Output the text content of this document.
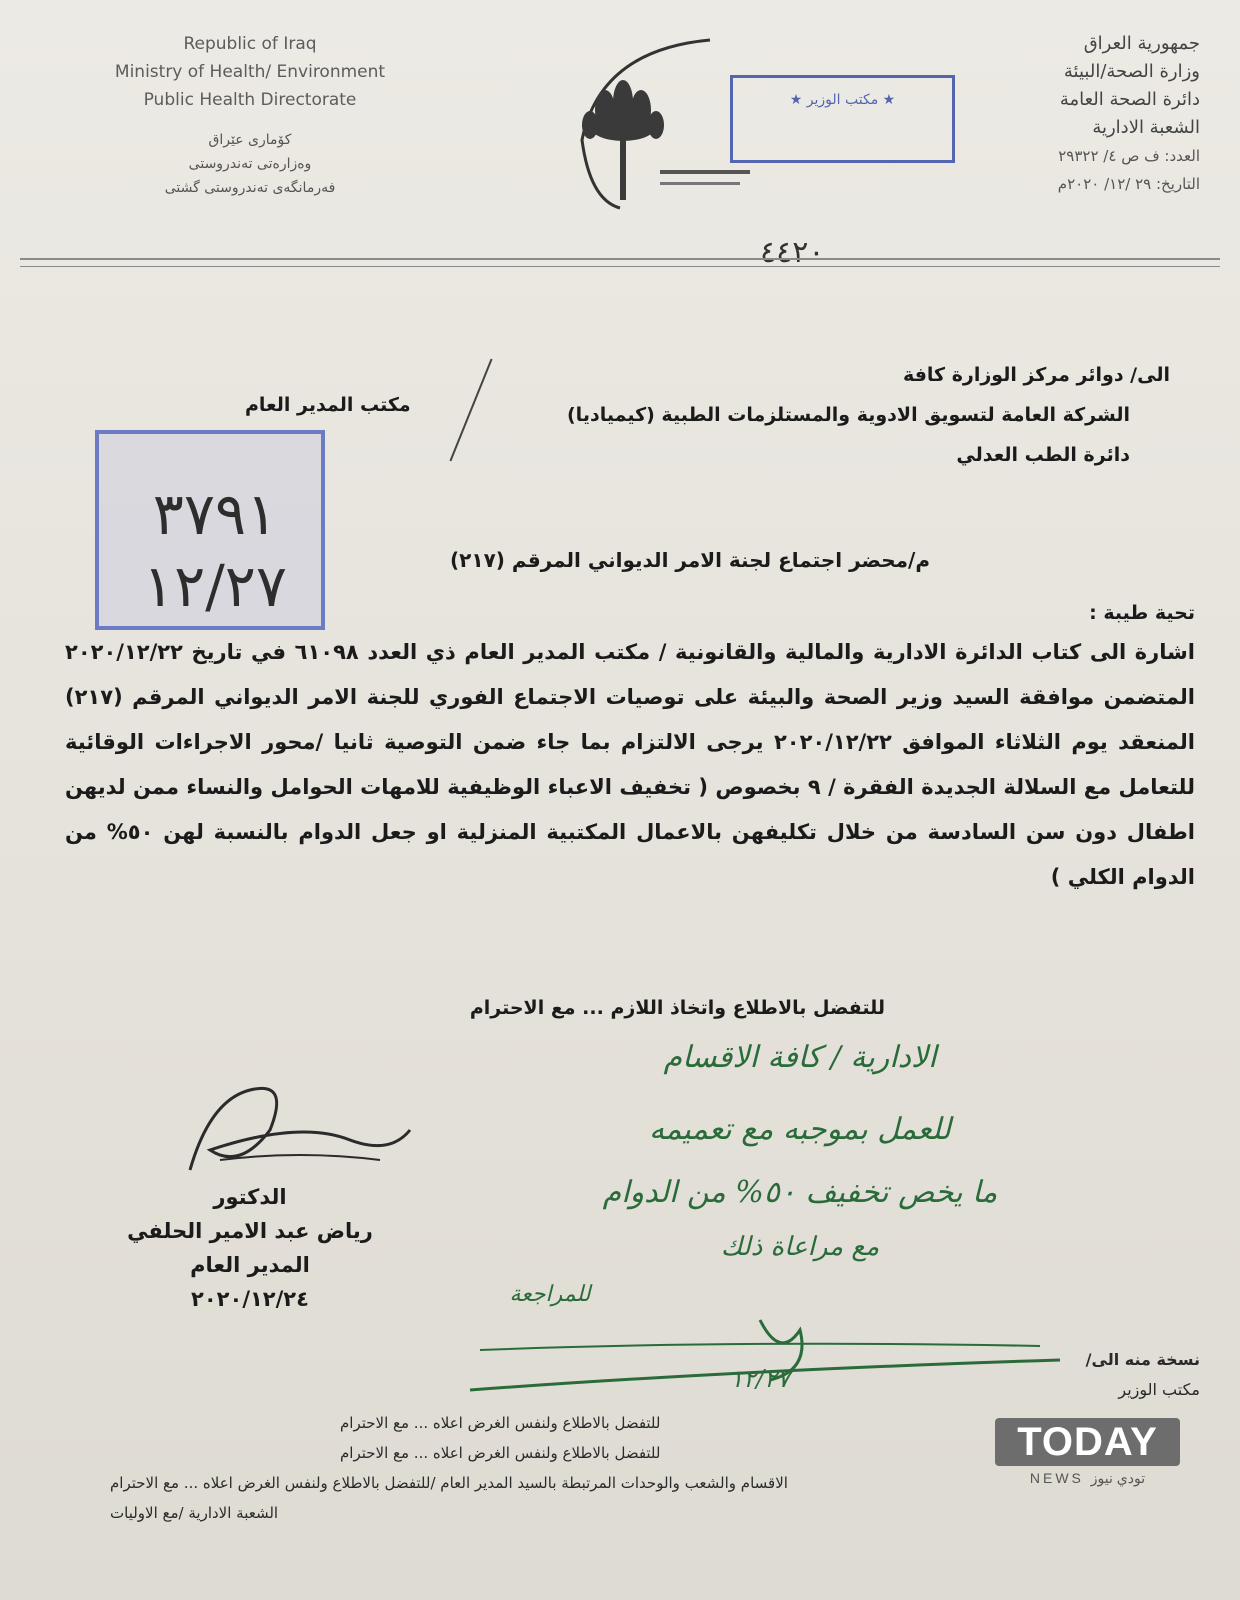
Republic of Iraq
Ministry of Health/ Environment
Public Health Directorate
کۆماری عێراق
وەزارەتی تەندروستی
فەرمانگەی تەندروستی گشتی
★ مكتب الوزير ★
جمهورية العراق
وزارة الصحة/البيئة
دائرة الصحة العامة
الشعبة الادارية
العدد: ف ص ٤/ ٢٩٣٢٢
التاريخ: ٢٩ /١٢/ ٢٠٢٠م
٤٤٢٠
الى/ دوائر مركز الوزارة كافة
الشركة العامة لتسويق الادوية والمستلزمات الطبية (كيمياديا)
دائرة الطب العدلي
مكتب المدير العام
٣٧٩١
١٢/٢٧	م/محضر اجتماع لجنة الامر الديواني المرقم (٢١٧)
تحية طيبة :
اشارة الى كتاب الدائرة الادارية والمالية والقانونية / مكتب المدير العام ذي العدد ٦١٠٩٨ في تاريخ ٢٠٢٠/١٢/٢٢ المتضمن موافقة السيد وزير الصحة والبيئة على توصيات الاجتماع الفوري للجنة الامر الديواني المرقم (٢١٧) المنعقد يوم الثلاثاء الموافق ٢٠٢٠/١٢/٢٢ يرجى الالتزام بما جاء ضمن التوصية ثانيا /محور الاجراءات الوقائية للتعامل مع السلالة الجديدة الفقرة / ٩ بخصوص ( تخفيف الاعباء الوظيفية للامهات الحوامل والنساء ممن لديهن اطفال دون سن السادسة من خلال تكليفهن بالاعمال المكتبية المنزلية او جعل الدوام بالنسبة لهن ٥٠% من الدوام الكلي )
للتفضل بالاطلاع واتخاذ اللازم ... مع الاحترام
الدكتور
رياض عبد الامير الحلفي
المدير العام
٢٠٢٠/١٢/٢٤
الادارية / كافة الاقسام
للعمل بموجبه مع تعميمه
ما يخص تخفيف ٥٠% من الدوام
مع مراعاة ذلك
للمراجعة
١٢/٢٧
نسخة منه الى/
مكتب الوزير
للتفضل بالاطلاع ولنفس الغرض اعلاه ... مع الاحترام
للتفضل بالاطلاع ولنفس الغرض اعلاه ... مع الاحترام
الاقسام والشعب والوحدات المرتبطة بالسيد المدير العام /للتفضل بالاطلاع ولنفس الغرض اعلاه ... مع الاحترام
الشعبة الادارية /مع الاوليات
TODAY
NEWS تودي نيوز
